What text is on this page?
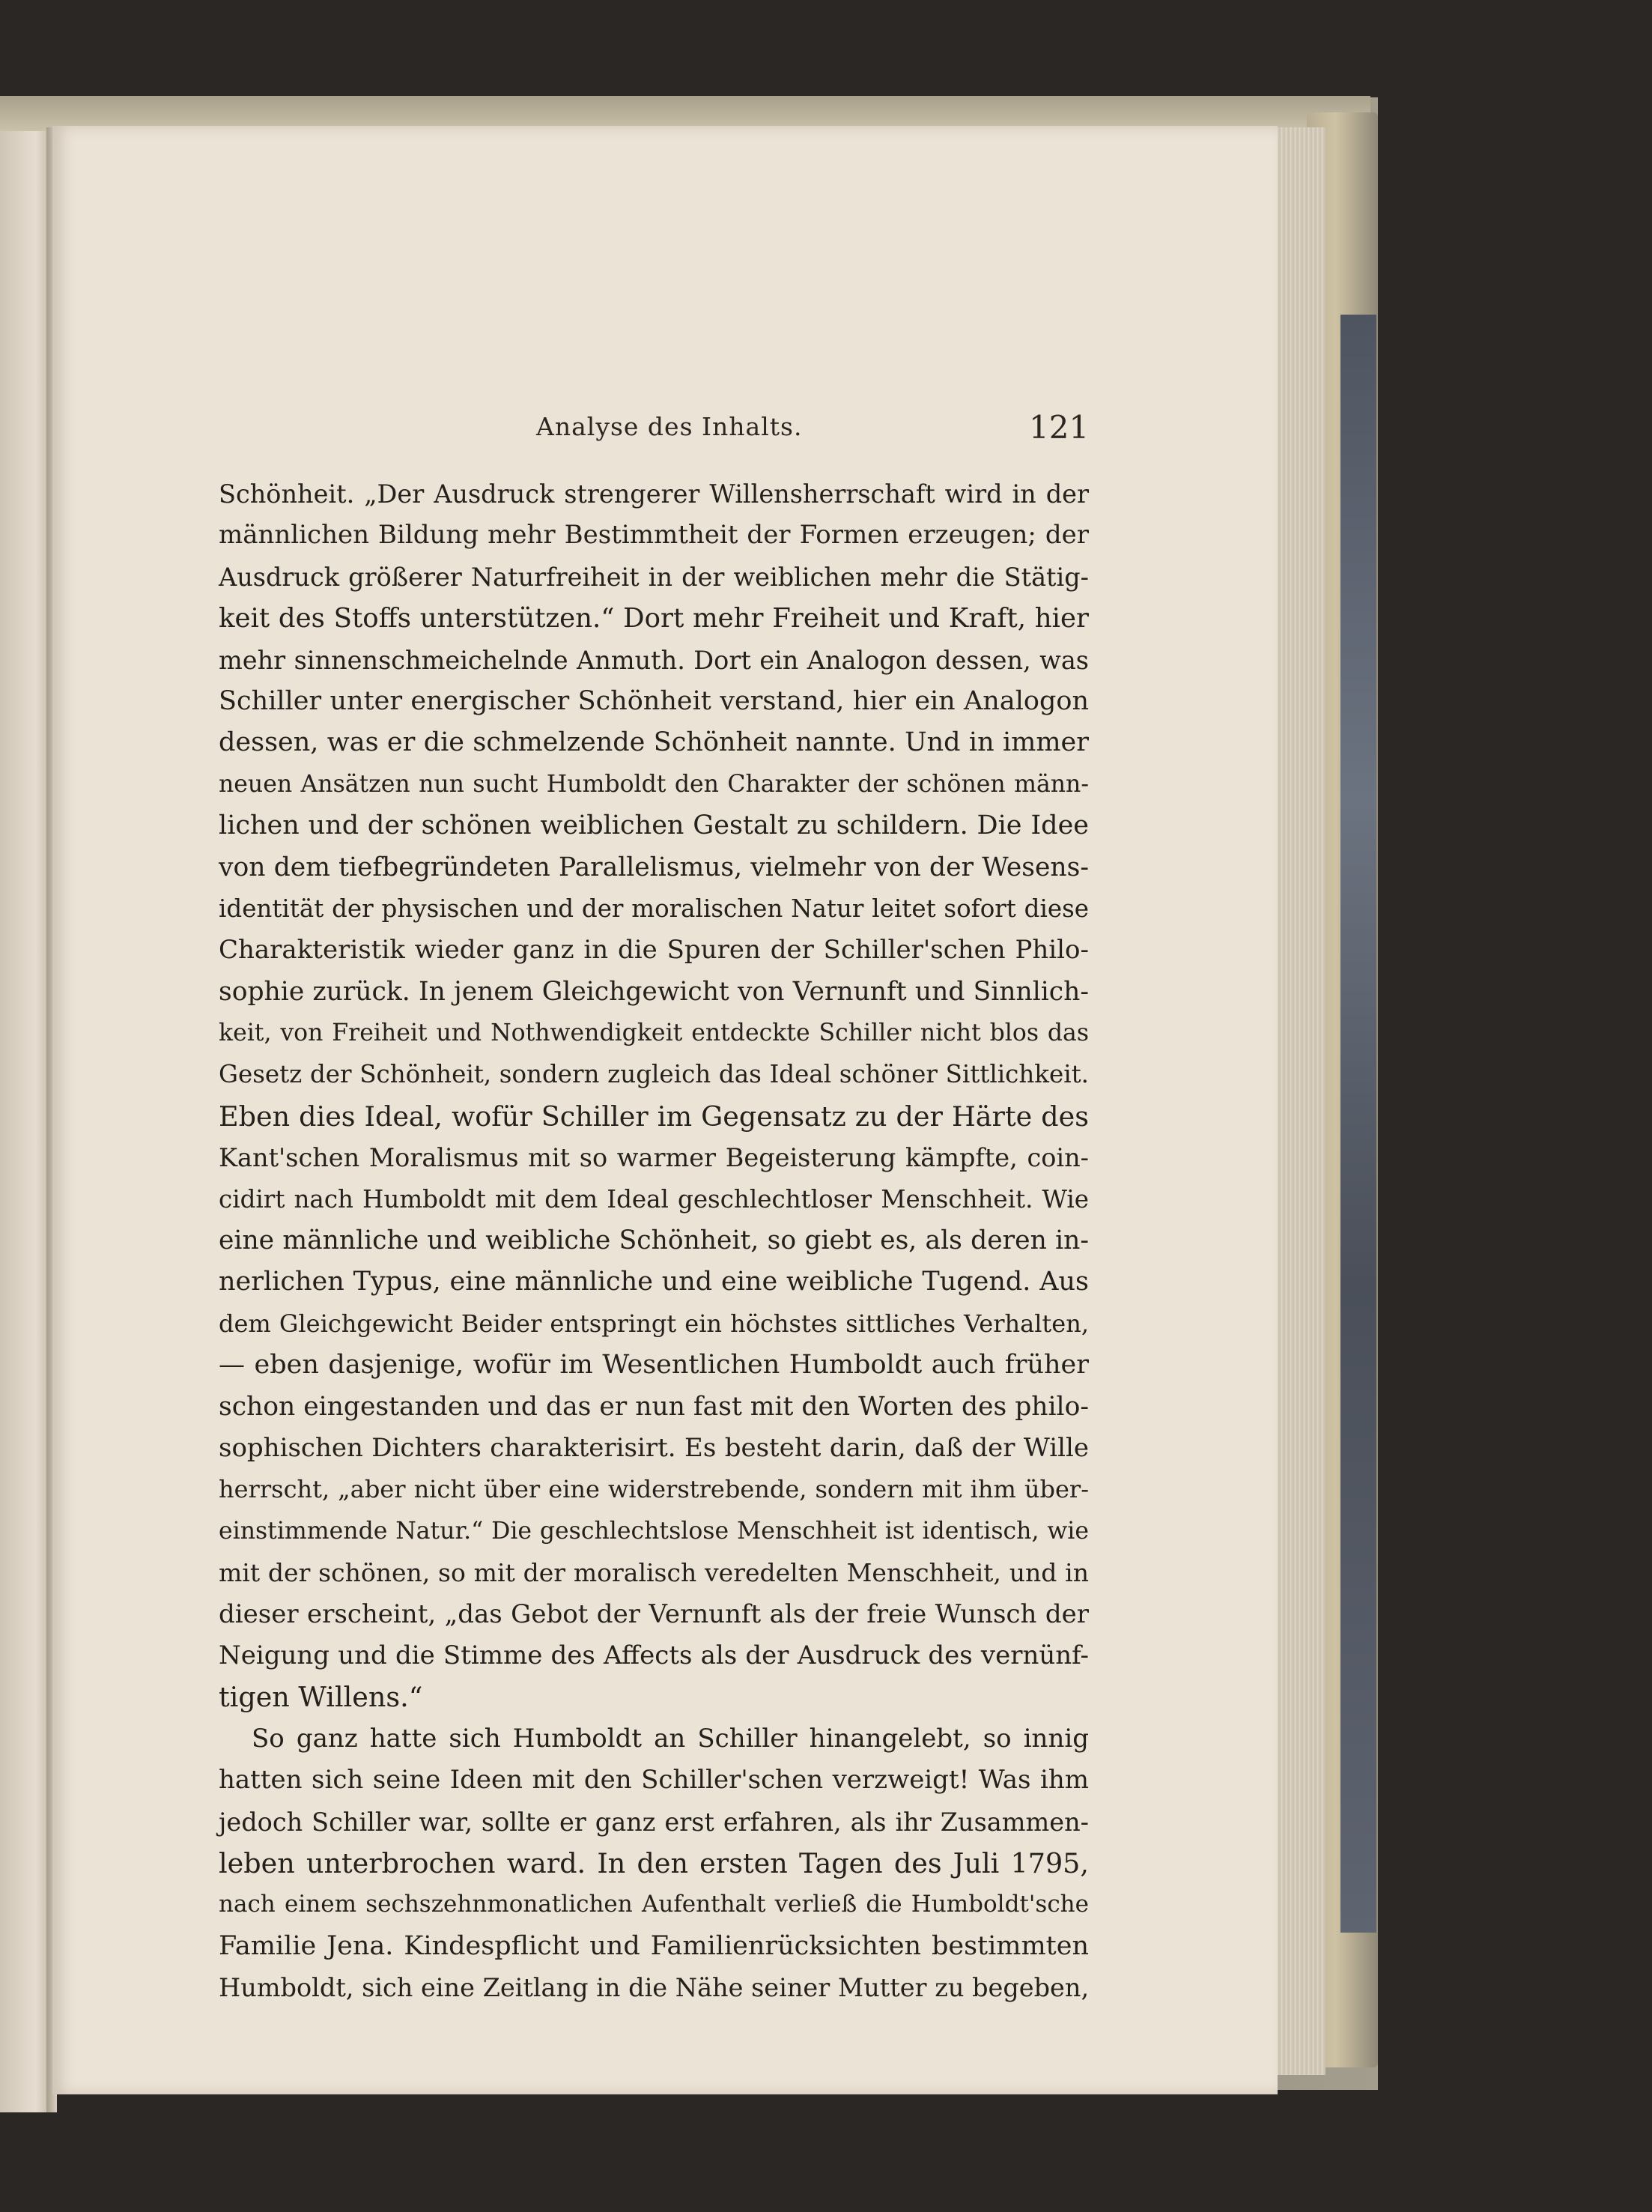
Analyse des Inhalts.	121
Schönheit. „Der Ausdruck strengerer Willensherrschaft wird in der
männlichen Bildung mehr Bestimmtheit der Formen erzeugen; der
Ausdruck größerer Naturfreiheit in der weiblichen mehr die Stätig-
keit des Stoffs unterstützen.“ Dort mehr Freiheit und Kraft, hier
mehr sinnenschmeichelnde Anmuth. Dort ein Analogon dessen, was
Schiller unter energischer Schönheit verstand, hier ein Analogon
dessen, was er die schmelzende Schönheit nannte. Und in immer
neuen Ansätzen nun sucht Humboldt den Charakter der schönen männ-
lichen und der schönen weiblichen Gestalt zu schildern. Die Idee
von dem tiefbegründeten Parallelismus, vielmehr von der Wesens-
identität der physischen und der moralischen Natur leitet sofort diese
Charakteristik wieder ganz in die Spuren der Schiller'schen Philo-
sophie zurück. In jenem Gleichgewicht von Vernunft und Sinnlich-
keit, von Freiheit und Nothwendigkeit entdeckte Schiller nicht blos das
Gesetz der Schönheit, sondern zugleich das Ideal schöner Sittlichkeit.
Eben dies Ideal, wofür Schiller im Gegensatz zu der Härte des
Kant'schen Moralismus mit so warmer Begeisterung kämpfte, coin-
cidirt nach Humboldt mit dem Ideal geschlechtloser Menschheit. Wie
eine männliche und weibliche Schönheit, so giebt es, als deren in-
nerlichen Typus, eine männliche und eine weibliche Tugend. Aus
dem Gleichgewicht Beider entspringt ein höchstes sittliches Verhalten,
— eben dasjenige, wofür im Wesentlichen Humboldt auch früher
schon eingestanden und das er nun fast mit den Worten des philo-
sophischen Dichters charakterisirt. Es besteht darin, daß der Wille
herrscht, „aber nicht über eine widerstrebende, sondern mit ihm über-
einstimmende Natur.“ Die geschlechtslose Menschheit ist identisch, wie
mit der schönen, so mit der moralisch veredelten Menschheit, und in
dieser erscheint, „das Gebot der Vernunft als der freie Wunsch der
Neigung und die Stimme des Affects als der Ausdruck des vernünf-
tigen Willens.“
So ganz hatte sich Humboldt an Schiller hinangelebt, so innig
hatten sich seine Ideen mit den Schiller'schen verzweigt! Was ihm
jedoch Schiller war, sollte er ganz erst erfahren, als ihr Zusammen-
leben unterbrochen ward. In den ersten Tagen des Juli 1795,
nach einem sechszehnmonatlichen Aufenthalt verließ die Humboldt'sche
Familie Jena. Kindespflicht und Familienrücksichten bestimmten
Humboldt, sich eine Zeitlang in die Nähe seiner Mutter zu begeben,
